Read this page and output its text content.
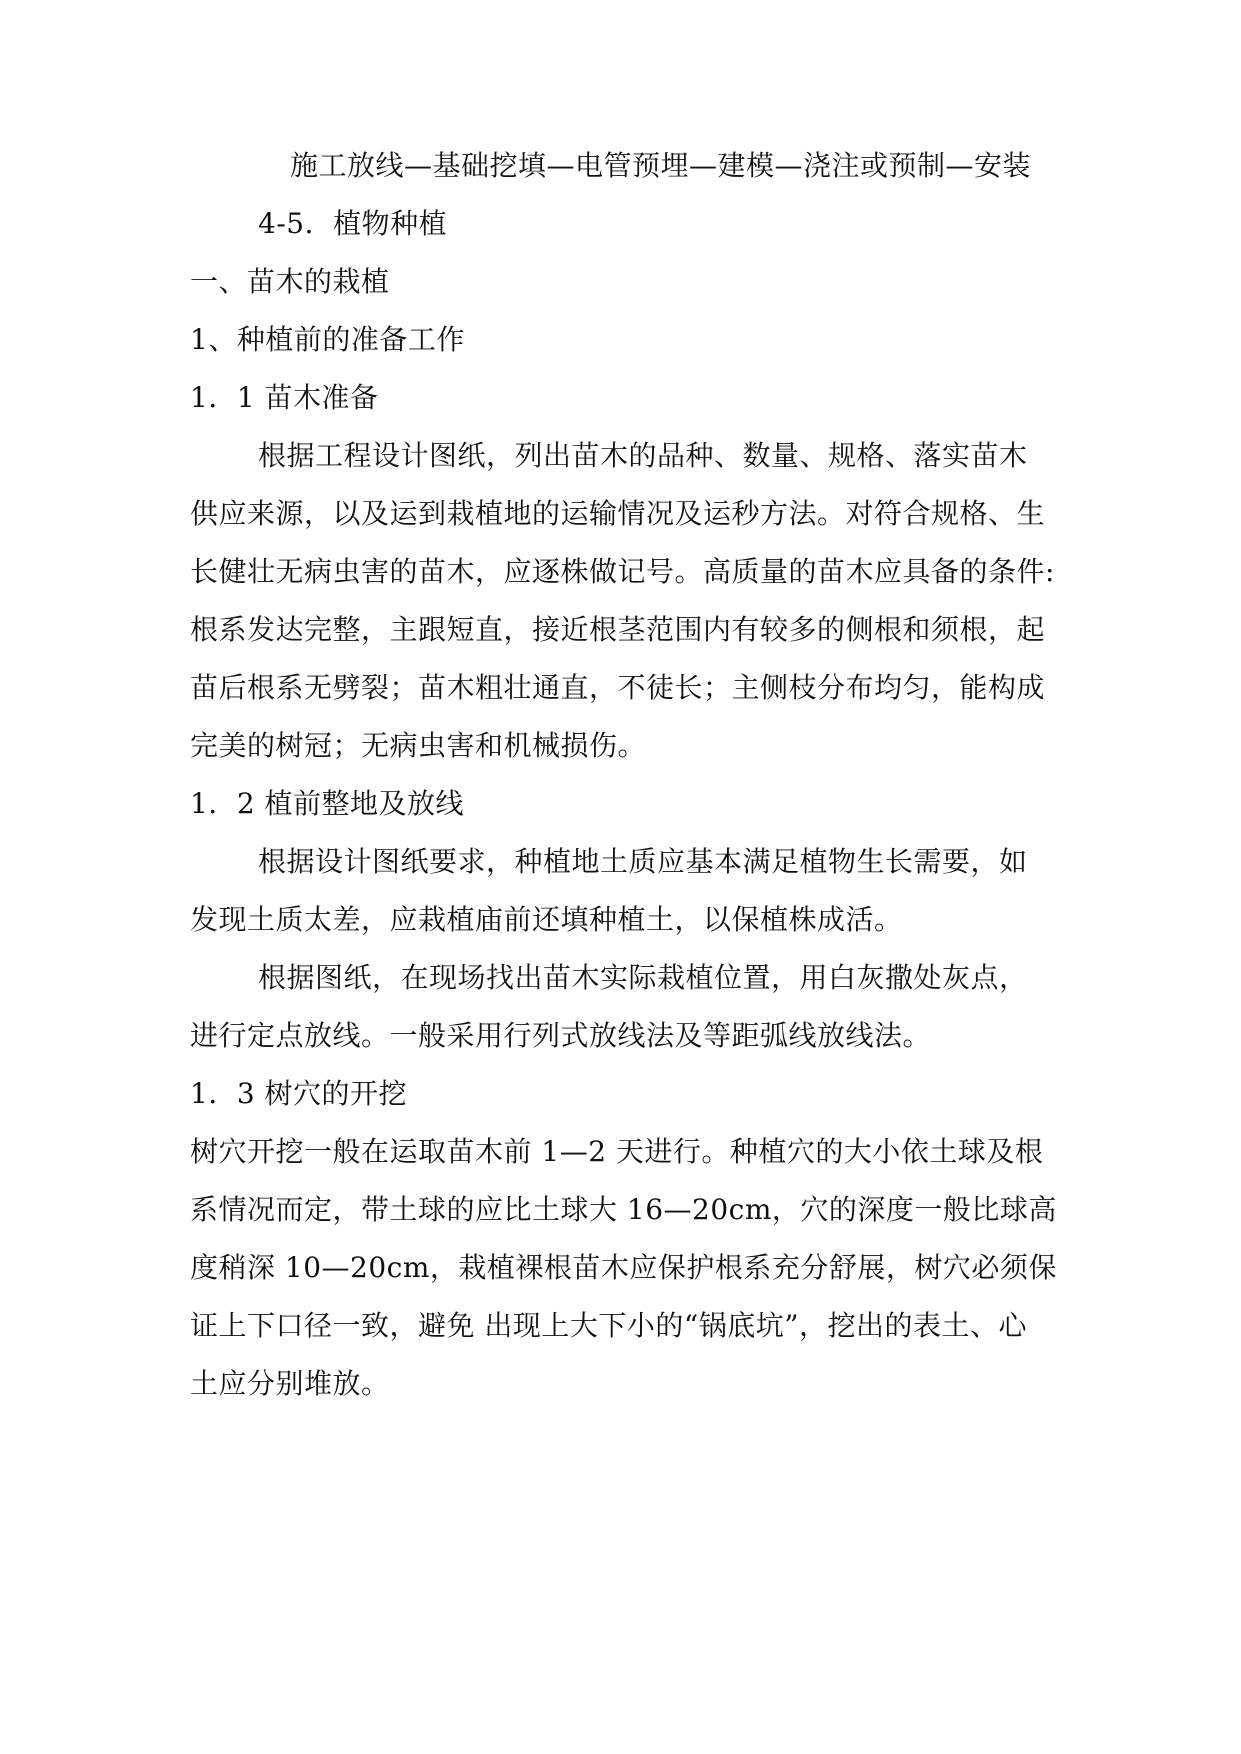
施工放线—基础挖填—电管预埋—建模—浇注或预制—安装
4-5．植物种植
一、苗木的栽植
1、种植前的准备工作
1．1 苗木准备
根据工程设计图纸，列出苗木的品种、数量、规格、落实苗木
供应来源，以及运到栽植地的运输情况及运秒方法。对符合规格、生
长健壮无病虫害的苗木，应逐株做记号。高质量的苗木应具备的条件:
根系发达完整，主跟短直，接近根茎范围内有较多的侧根和须根，起
苗后根系无劈裂；苗木粗壮通直，不徒长；主侧枝分布均匀，能构成
完美的树冠；无病虫害和机械损伤。
1．2 植前整地及放线
根据设计图纸要求，种植地土质应基本满足植物生长需要，如
发现土质太差，应栽植庙前还填种植土，以保植株成活。
根据图纸，在现场找出苗木实际栽植位置，用白灰撒处灰点，
进行定点放线。一般采用行列式放线法及等距弧线放线法。
1．3 树穴的开挖
树穴开挖一般在运取苗木前 1—2 天进行。种植穴的大小依土球及根
系情况而定，带土球的应比土球大 16—20cm，穴的深度一般比球高
度稍深 10—20cm，栽植裸根苗木应保护根系充分舒展，树穴必须保
证上下口径一致，避免 出现上大下小的“锅底坑”，挖出的表土、心
土应分别堆放。
